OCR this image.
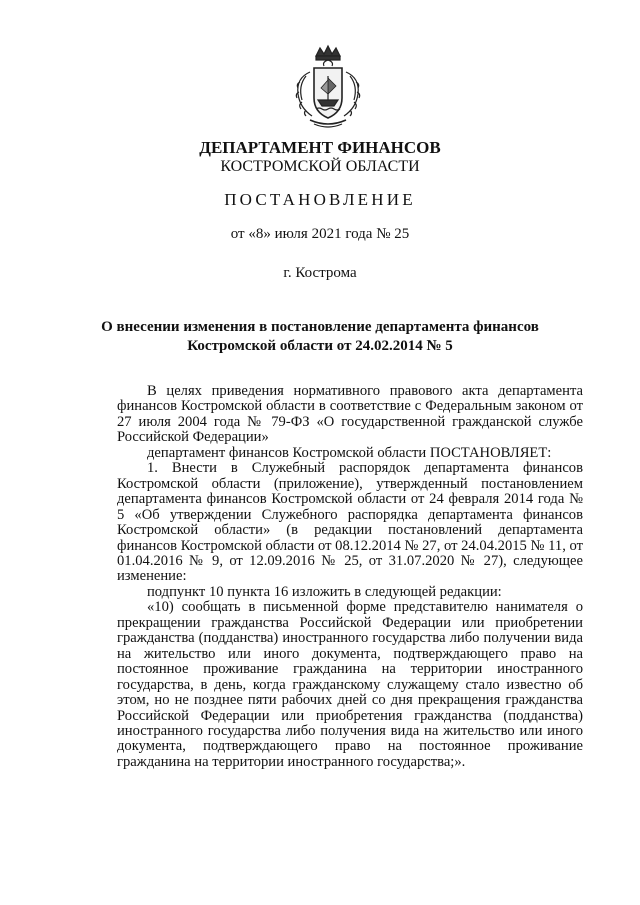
ДЕПАРТАМЕНТ ФИНАНСОВ
КОСТРОМСКОЙ ОБЛАСТИ
ПОСТАНОВЛЕНИЕ
от «8» июля 2021 года № 25
г. Кострома
О внесении изменения в постановление департамента финансов
Костромской области от 24.02.2014 № 5

В целях приведения нормативного правового акта департамента финансов Костромской области в соответствие с Федеральным законом от 27 июля 2004 года № 79-ФЗ «О государственной гражданской службе Российской Федерации»

департамент финансов Костромской области ПОСТАНОВЛЯЕТ:

1. Внести в Служебный распорядок департамента финансов Костромской области (приложение), утвержденный постановлением департамента финансов Костромской области от 24 февраля 2014 года № 5 «Об утверждении Служебного распорядка департамента финансов Костромской области» (в редакции постановлений департамента финансов Костромской области от 08.12.2014 № 27, от 24.04.2015 № 11, от 01.04.2016 № 9, от 12.09.2016 № 25, от 31.07.2020 № 27), следующее изменение:

подпункт 10 пункта 16 изложить в следующей редакции:

«10) сообщать в письменной форме представителю нанимателя о прекращении гражданства Российской Федерации или приобретении гражданства (подданства) иностранного государства либо получении вида на жительство или иного документа, подтверждающего право на постоянное проживание гражданина на территории иностранного государства, в день, когда гражданскому служащему стало известно об этом, но не позднее пяти рабочих дней со дня прекращения гражданства Российской Федерации или приобретения гражданства (подданства) иностранного государства либо получения вида на жительство или иного документа, подтверждающего право на постоянное проживание гражданина на территории иностранного государства;».
